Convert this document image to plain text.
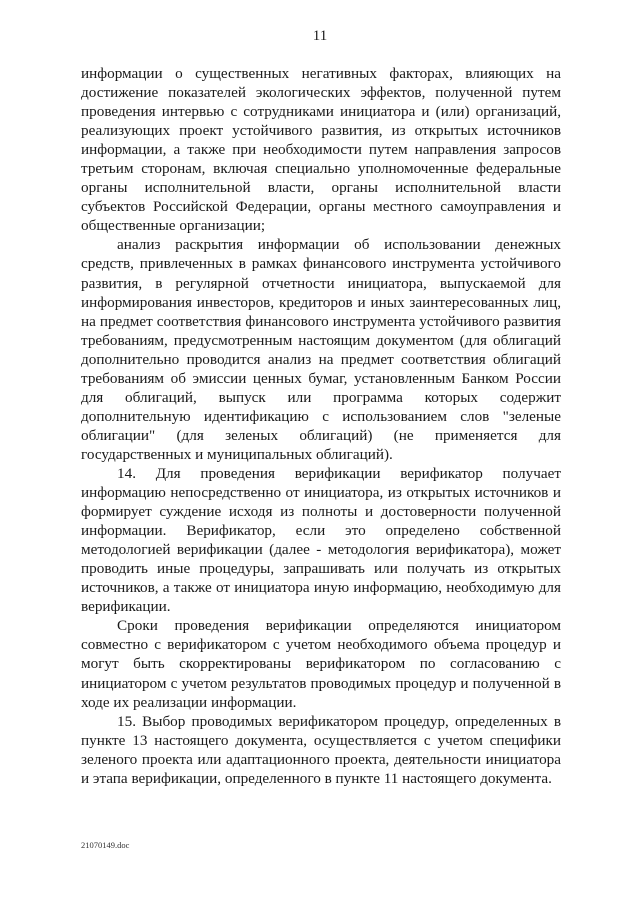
11

информации о существенных негативных факторах, влияющих на достижение показателей экологических эффектов, полученной путем проведения интервью с сотрудниками инициатора и (или) организаций, реализующих проект устойчивого развития, из открытых источников информации, а также при необходимости путем направления запросов третьим сторонам, включая специально уполномоченные федеральные органы исполнительной власти, органы исполнительной власти субъектов Российской Федерации, органы местного самоуправления и общественные организации;

анализ раскрытия информации об использовании денежных средств, привлеченных в рамках финансового инструмента устойчивого развития, в регулярной отчетности инициатора, выпускаемой для информирования инвесторов, кредиторов и иных заинтересованных лиц, на предмет соответствия финансового инструмента устойчивого развития требованиям, предусмотренным настоящим документом (для облигаций дополнительно проводится анализ на предмет соответствия облигаций требованиям об эмиссии ценных бумаг, установленным Банком России для облигаций, выпуск или программа которых содержит дополнительную идентификацию с использованием слов "зеленые облигации" (для зеленых облигаций) (не применяется для государственных и муниципальных облигаций).

14. Для проведения верификации верификатор получает информацию непосредственно от инициатора, из открытых источников и формирует суждение исходя из полноты и достоверности полученной информации. Верификатор, если это определено собственной методологией верификации (далее - методология верификатора), может проводить иные процедуры, запрашивать или получать из открытых источников, а также от инициатора иную информацию, необходимую для верификации.

Сроки проведения верификации определяются инициатором совместно с верификатором с учетом необходимого объема процедур и могут быть скорректированы верификатором по согласованию с инициатором с учетом результатов проводимых процедур и полученной в ходе их реализации информации.

15. Выбор проводимых верификатором процедур, определенных в пункте 13 настоящего документа, осуществляется с учетом специфики зеленого проекта или адаптационного проекта, деятельности инициатора и этапа верификации, определенного в пункте 11 настоящего документа.

21070149.doc
